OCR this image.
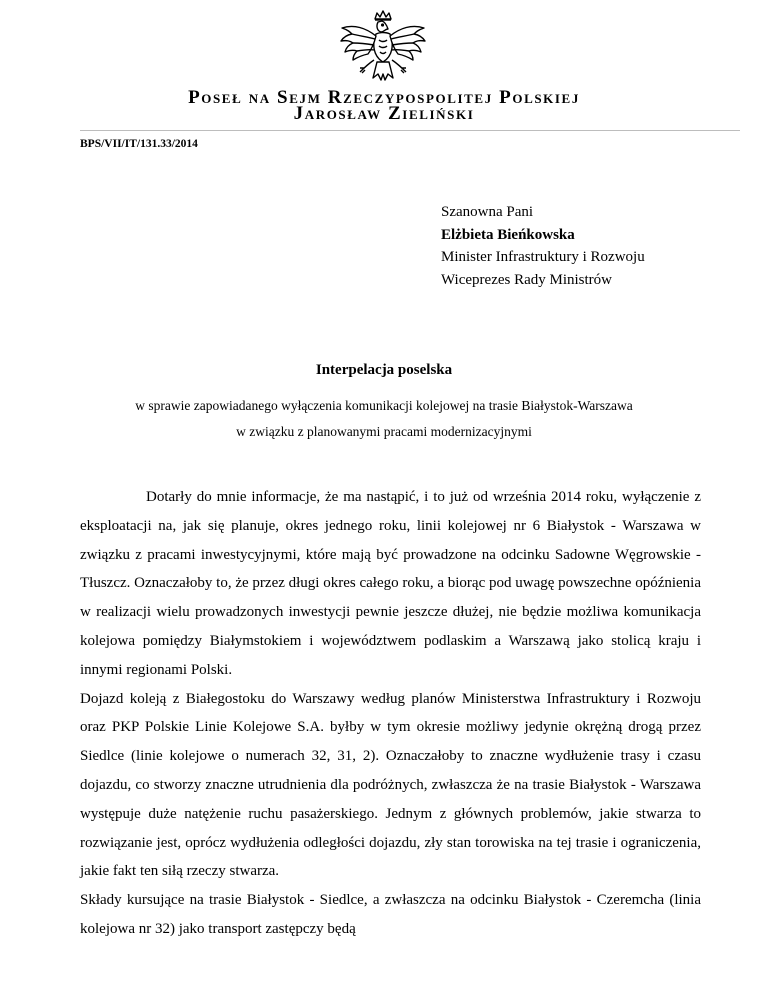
Poseł na Sejm Rzeczypospolitej Polskiej
Jarosław Zieliński
BPS/VII/IT/131.33/2014
Szanowna Pani
Elżbieta Bieńkowska
Minister Infrastruktury i Rozwoju
Wiceprezes Rady Ministrów
Interpelacja poselska
w sprawie zapowiadanego wyłączenia komunikacji kolejowej na trasie Białystok-Warszawa
w związku z planowanymi pracami modernizacyjnymi

Dotarły do mnie informacje, że ma nastąpić, i to już od września 2014 roku, wyłączenie z eksploatacji na, jak się planuje, okres jednego roku, linii kolejowej nr 6 Białystok - Warszawa w związku z pracami inwestycyjnymi, które mają być prowadzone na odcinku Sadowne Węgrowskie - Tłuszcz. Oznaczałoby to, że przez długi okres całego roku, a biorąc pod uwagę powszechne opóźnienia w realizacji wielu prowadzonych inwestycji pewnie jeszcze dłużej, nie będzie możliwa komunikacja kolejowa pomiędzy Białymstokiem i województwem podlaskim a Warszawą jako stolicą kraju i innymi regionami Polski.

Dojazd koleją z Białegostoku do Warszawy według planów Ministerstwa Infrastruktury i Rozwoju oraz PKP Polskie Linie Kolejowe S.A. byłby w tym okresie możliwy jedynie okrężną drogą przez Siedlce (linie kolejowe o numerach 32, 31, 2). Oznaczałoby to znaczne wydłużenie trasy i czasu dojazdu, co stworzy znaczne utrudnienia dla podróżnych, zwłaszcza że na trasie Białystok - Warszawa występuje duże natężenie ruchu pasażerskiego. Jednym z głównych problemów, jakie stwarza to rozwiązanie jest, oprócz wydłużenia odległości dojazdu, zły stan torowiska na tej trasie i ograniczenia, jakie fakt ten siłą rzeczy stwarza.

Składy kursujące na trasie Białystok - Siedlce, a zwłaszcza na odcinku Białystok - Czeremcha (linia kolejowa nr 32) jako transport zastępczy będą
